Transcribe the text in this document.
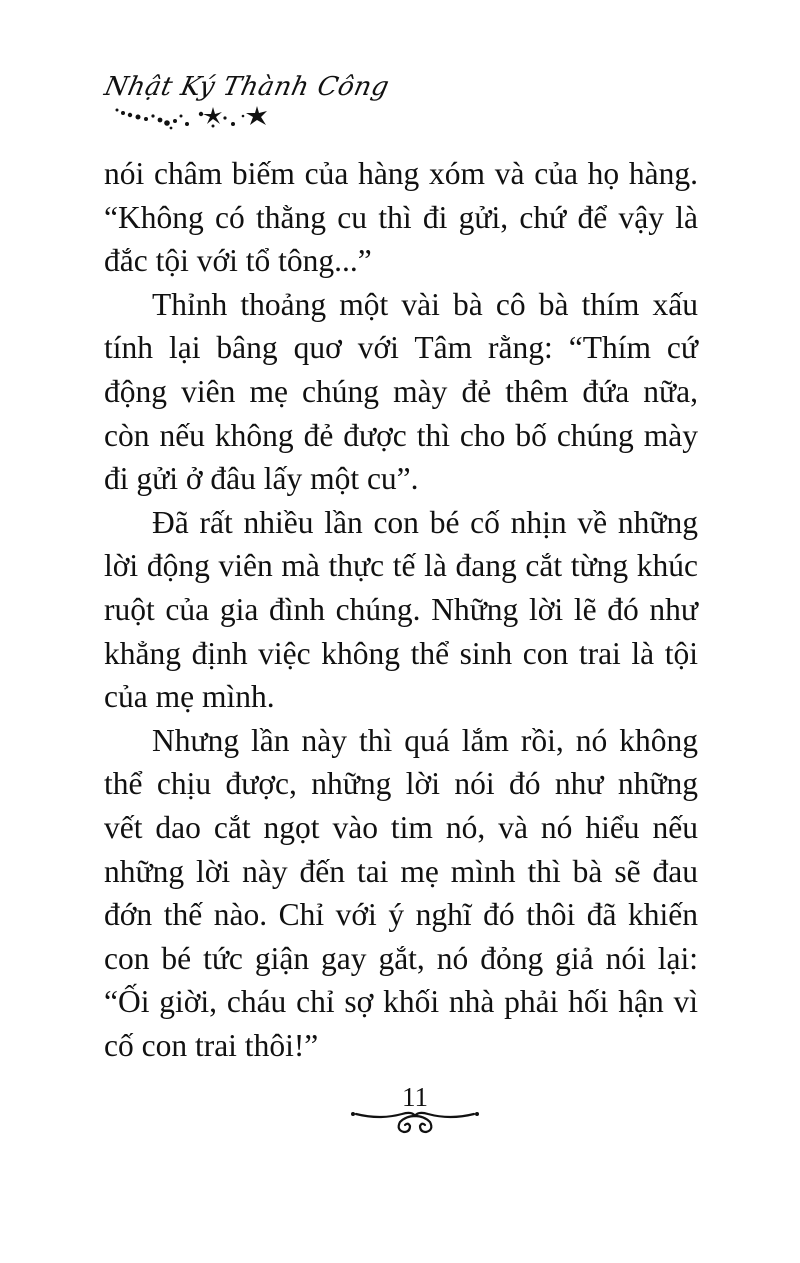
Nhật Ký Thành Công
nói châm biếm của hàng xóm và của họ hàng.
“Không có thằng cu thì đi gửi, chứ để vậy là
đắc tội với tổ tông...”
Thỉnh thoảng một vài bà cô bà thím xấu
tính lại bâng quơ với Tâm rằng: “Thím cứ
động viên mẹ chúng mày đẻ thêm đứa nữa,
còn nếu không đẻ được thì cho bố chúng mày
đi gửi ở đâu lấy một cu”.
Đã rất nhiều lần con bé cố nhịn về những
lời động viên mà thực tế là đang cắt từng khúc
ruột của gia đình chúng. Những lời lẽ đó như
khẳng định việc không thể sinh con trai là tội
của mẹ mình.
Nhưng lần này thì quá lắm rồi, nó không
thể chịu được, những lời nói đó như những
vết dao cắt ngọt vào tim nó, và nó hiểu nếu
những lời này đến tai mẹ mình thì bà sẽ đau
đớn thế nào. Chỉ với ý nghĩ đó thôi đã khiến
con bé tức giận gay gắt, nó đỏng giả nói lại:
“Ối giời, cháu chỉ sợ khối nhà phải hối hận vì
cố con trai thôi!”
11
